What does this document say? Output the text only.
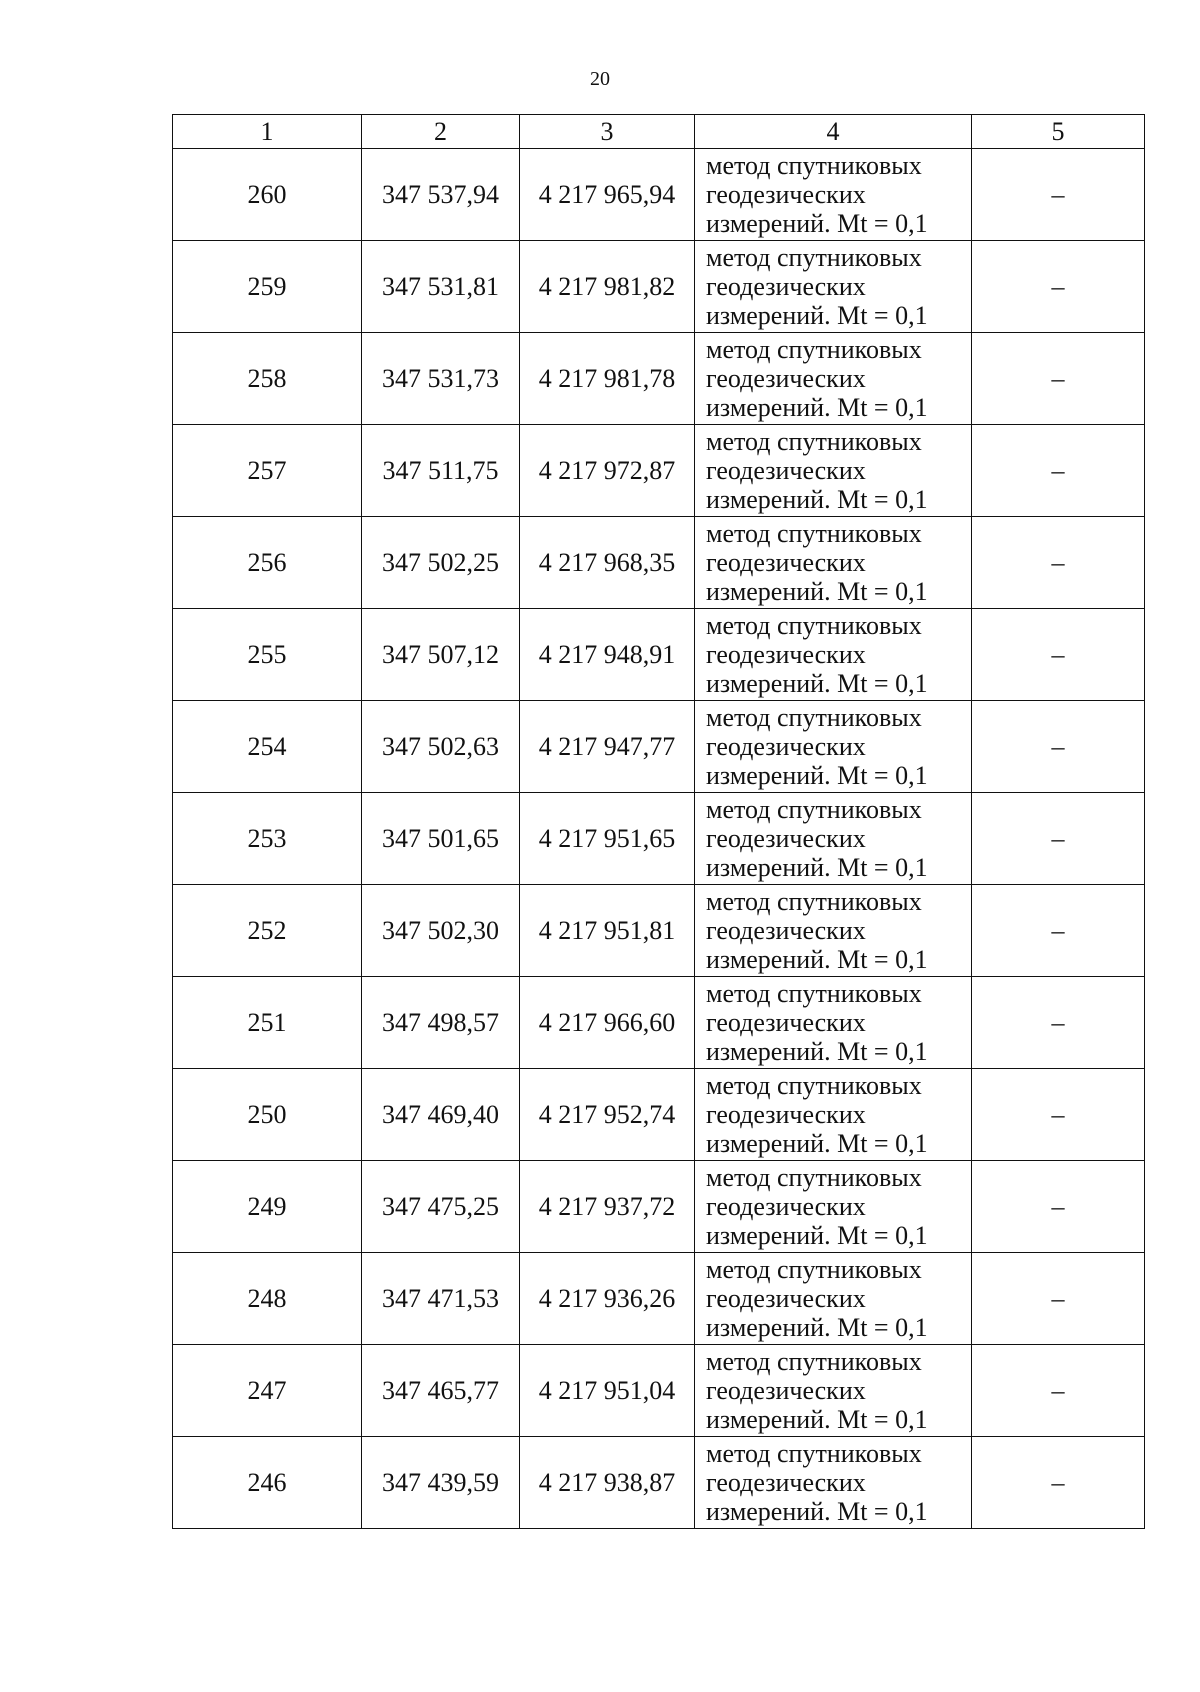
20
1	2	3	4	5
260	347 537,94	4 217 965,94	метод спутниковых
геодезических
измерений. Mt = 0,1	–
259	347 531,81	4 217 981,82	метод спутниковых
геодезических
измерений. Mt = 0,1	–
258	347 531,73	4 217 981,78	метод спутниковых
геодезических
измерений. Mt = 0,1	–
257	347 511,75	4 217 972,87	метод спутниковых
геодезических
измерений. Mt = 0,1	–
256	347 502,25	4 217 968,35	метод спутниковых
геодезических
измерений. Mt = 0,1	–
255	347 507,12	4 217 948,91	метод спутниковых
геодезических
измерений. Mt = 0,1	–
254	347 502,63	4 217 947,77	метод спутниковых
геодезических
измерений. Mt = 0,1	–
253	347 501,65	4 217 951,65	метод спутниковых
геодезических
измерений. Mt = 0,1	–
252	347 502,30	4 217 951,81	метод спутниковых
геодезических
измерений. Mt = 0,1	–
251	347 498,57	4 217 966,60	метод спутниковых
геодезических
измерений. Mt = 0,1	–
250	347 469,40	4 217 952,74	метод спутниковых
геодезических
измерений. Mt = 0,1	–
249	347 475,25	4 217 937,72	метод спутниковых
геодезических
измерений. Mt = 0,1	–
248	347 471,53	4 217 936,26	метод спутниковых
геодезических
измерений. Mt = 0,1	–
247	347 465,77	4 217 951,04	метод спутниковых
геодезических
измерений. Mt = 0,1	–
246	347 439,59	4 217 938,87	метод спутниковых
геодезических
измерений. Mt = 0,1	–
